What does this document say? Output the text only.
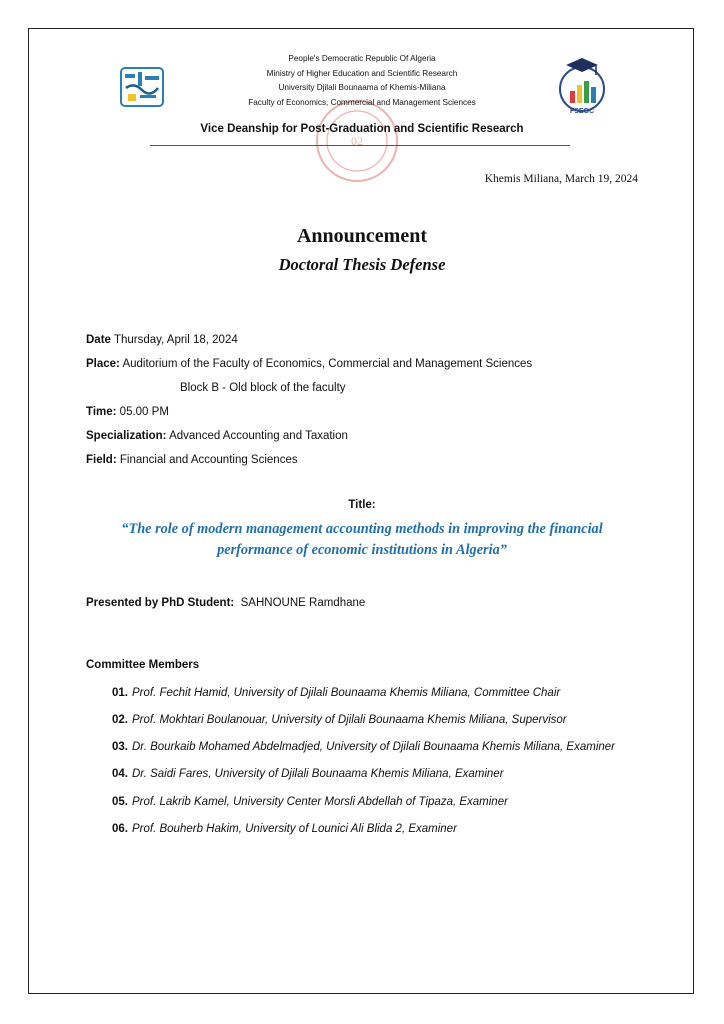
FSEGC
02
People's Democratic Republic Of Algeria
Ministry of Higher Education and Scientific Research
University Djilali Bounaama of Khemis-Miliana
Faculty of Economics, Commercial and Management Sciences
Vice Deanship for Post-Graduation and Scientific Research
Khemis Miliana, March 19, 2024
Announcement
Doctoral Thesis Defense
Date Thursday, April 18, 2024
Place: Auditorium of the Faculty of Economics, Commercial and Management Sciences
Block B - Old block of the faculty
Time: 05.00 PM
Specialization: Advanced Accounting and Taxation
Field: Financial and Accounting Sciences
Title:
“The role of modern management accounting methods in improving the financial
performance of economic institutions in Algeria”
Presented by PhD Student: SAHNOUNE Ramdhane
Committee Members
01. Prof. Fechit Hamid, University of Djilali Bounaama Khemis Miliana, Committee Chair
02. Prof. Mokhtari Boulanouar, University of Djilali Bounaama Khemis Miliana, Supervisor
03. Dr. Bourkaib Mohamed Abdelmadjed, University of Djilali Bounaama Khemis Miliana, Examiner
04. Dr. Saidi Fares, University of Djilali Bounaama Khemis Miliana, Examiner
05. Prof. Lakrib Kamel, University Center Morsli Abdellah of Tipaza, Examiner
06. Prof. Bouherb Hakim, University of Lounici Ali Blida 2, Examiner
